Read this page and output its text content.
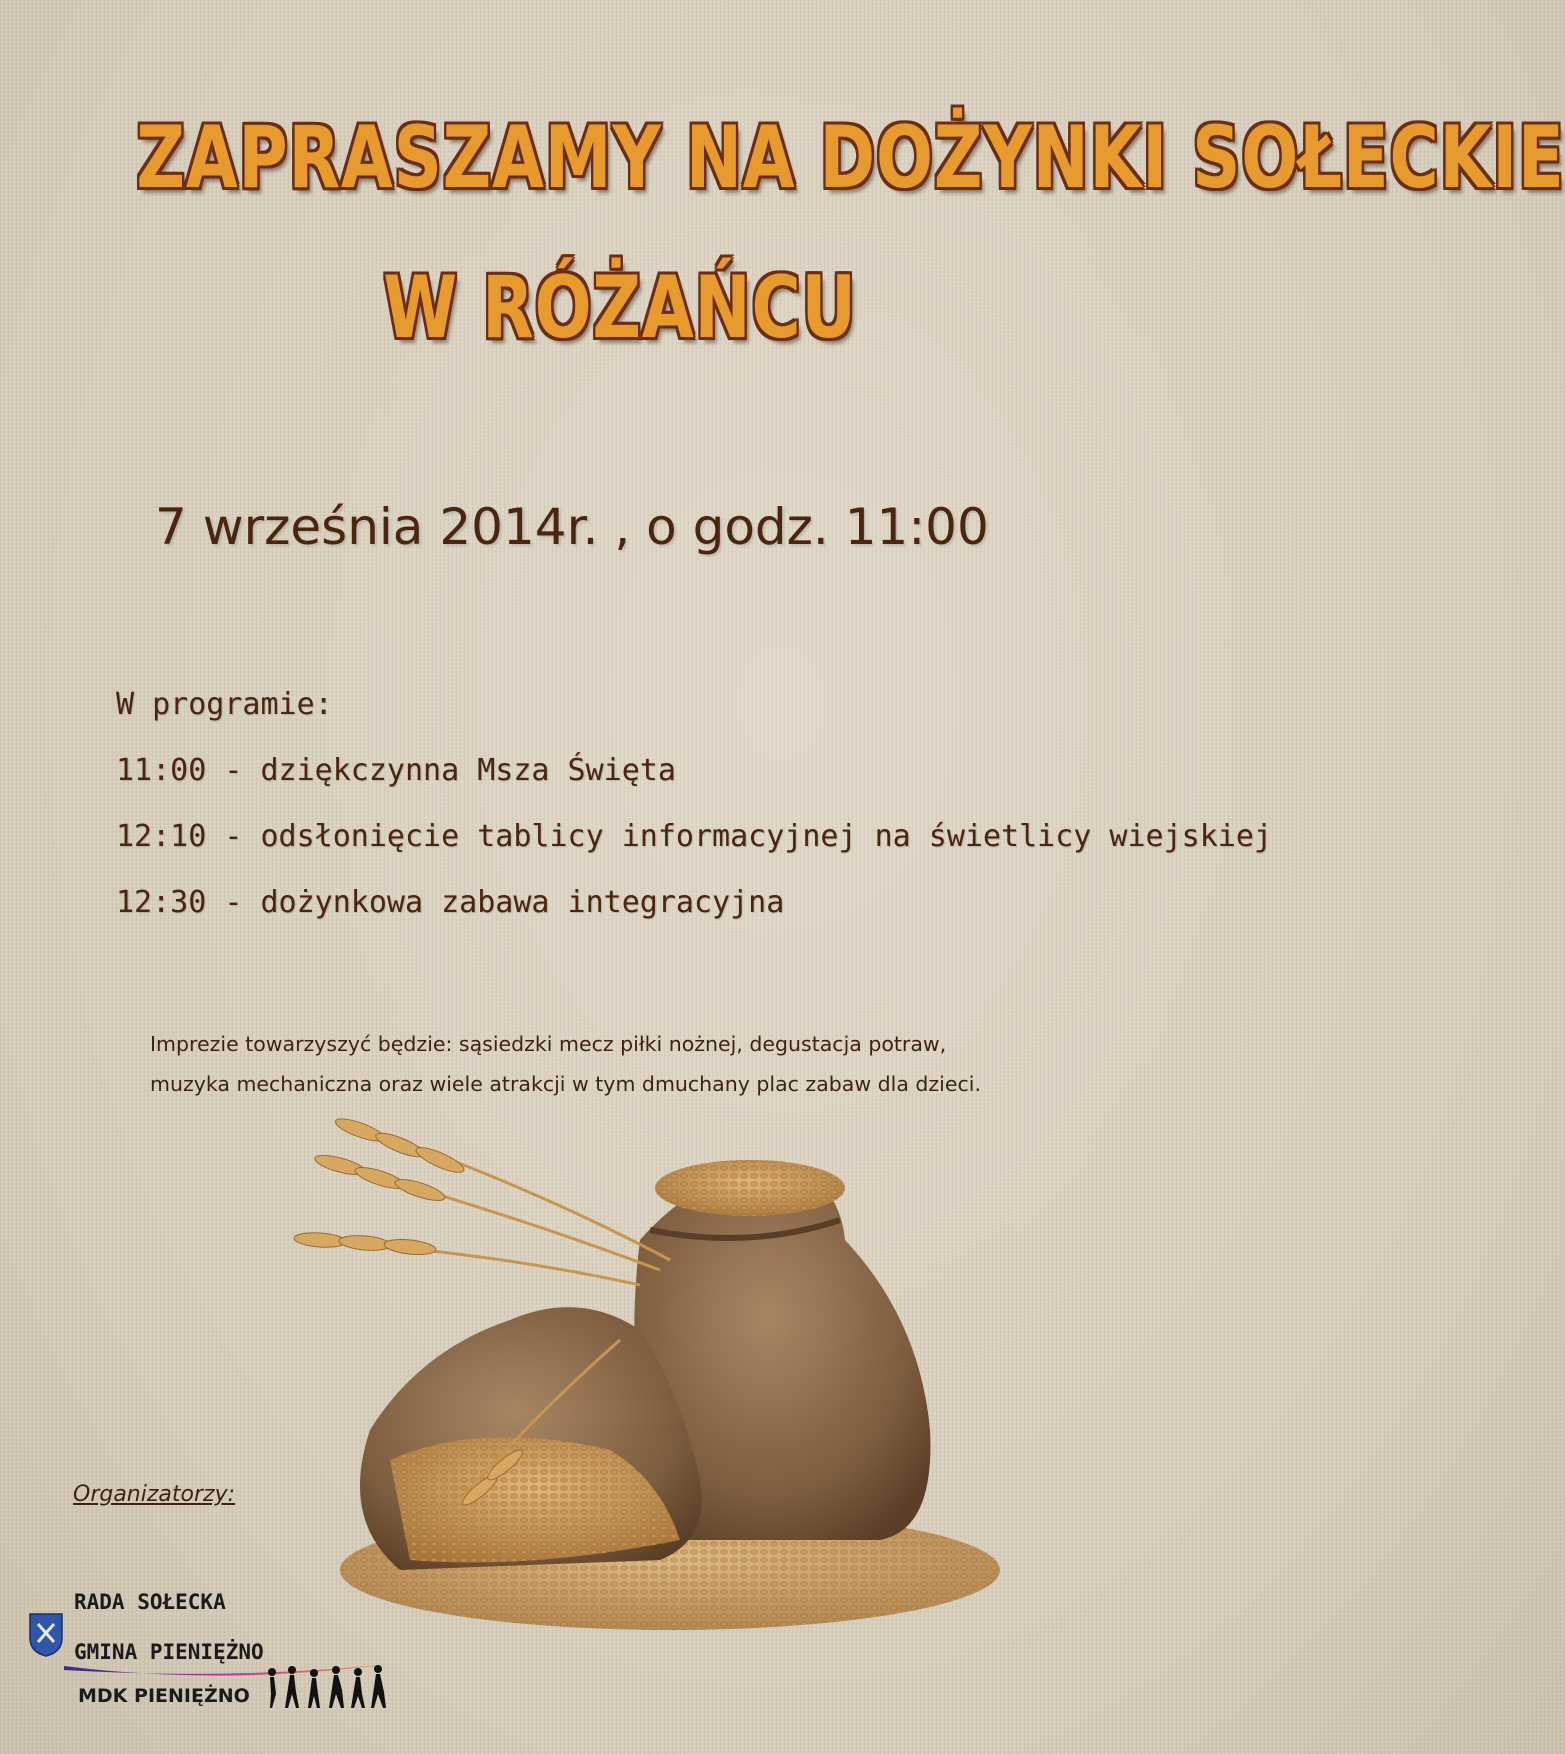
ZAPRASZAMY NA DOŻYNKI SOŁECKIE
W RÓŻAŃCU
7 września 2014r. , o godz. 11:00
W programie:
11:00 - dziękczynna Msza Święta
12:10 - odsłonięcie tablicy informacyjnej na świetlicy wiejskiej
12:30 - dożynkowa zabawa integracyjna
Imprezie towarzyszyć będzie: sąsiedzki mecz piłki nożnej, degustacja potraw,
muzyka mechaniczna oraz wiele atrakcji w tym dmuchany plac zabaw dla dzieci.
Organizatorzy:
RADA SOŁECKA
GMINA PIENIĘŻNO
MDK PIENIĘŻNO
